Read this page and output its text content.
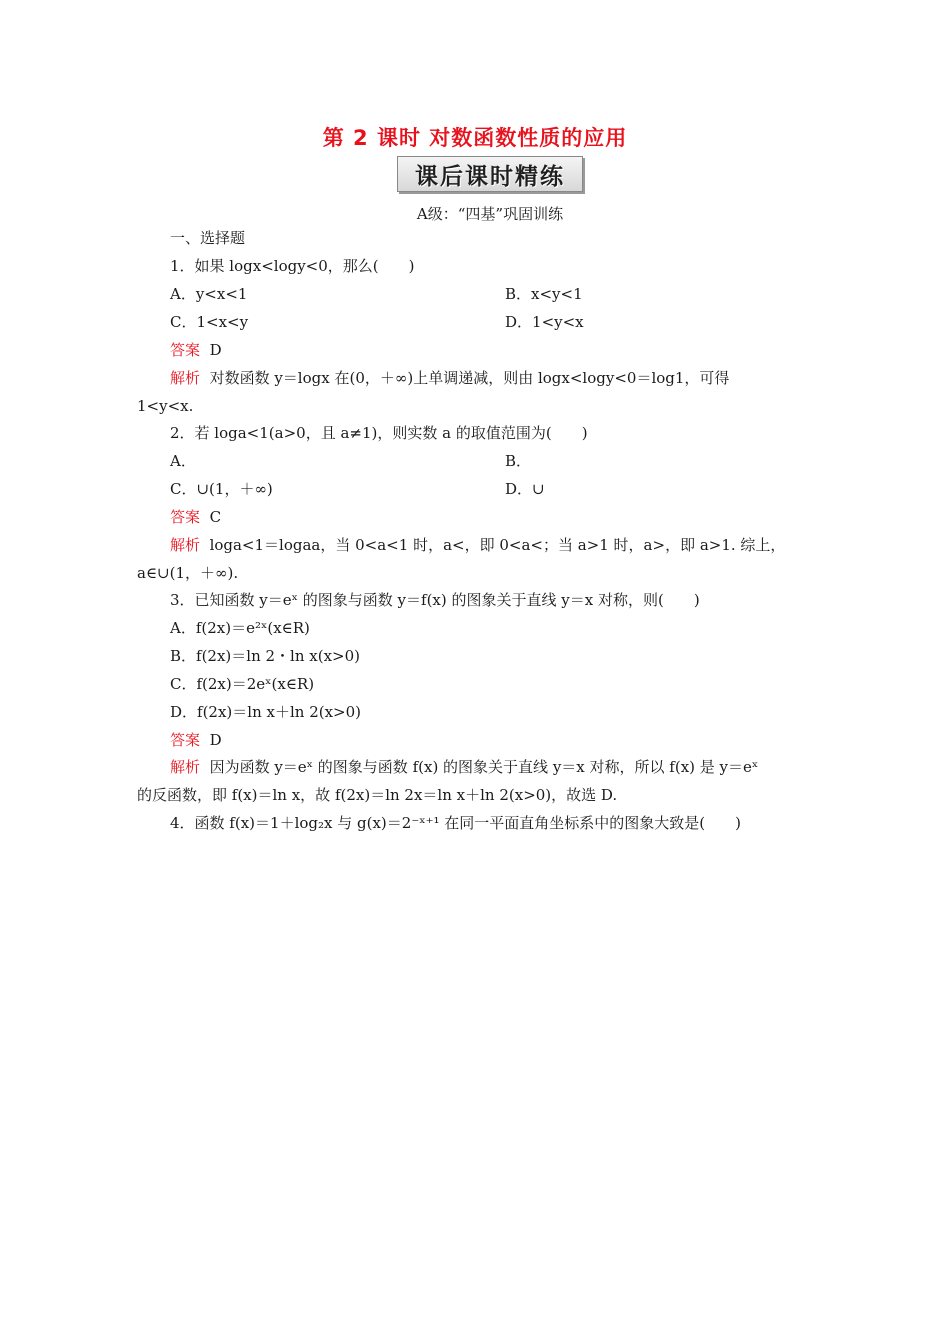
第 2 课时 对数函数性质的应用
课后课时精练
A级：“四基”巩固训练
一、选择题
1．如果 logx<logy<0，那么(　　)
A．y<x<1	B．x<y<1
C．1<x<y	D．1<y<x
答案 D
解析 对数函数 y＝logx 在(0，＋∞)上单调递减，则由 logx<logy<0＝log1，可得
1<y<x.
2．若 loga<1(a>0，且 a≠1)，则实数 a 的取值范围为(　　)
A．	B．
C．∪(1，＋∞)	D．∪
答案 C
解析 loga<1＝logaa，当 0<a<1 时，a<，即 0<a<；当 a>1 时，a>，即 a>1. 综上，
a∈∪(1，＋∞).
3．已知函数 y＝eˣ 的图象与函数 y＝f(x) 的图象关于直线 y＝x 对称，则(　　)
A．f(2x)＝e²ˣ(x∈R)
B．f(2x)＝ln 2・ln x(x>0)
C．f(2x)＝2eˣ(x∈R)
D．f(2x)＝ln x＋ln 2(x>0)
答案 D
解析 因为函数 y＝eˣ 的图象与函数 f(x) 的图象关于直线 y＝x 对称，所以 f(x) 是 y＝eˣ
的反函数，即 f(x)＝ln x，故 f(2x)＝ln 2x＝ln x＋ln 2(x>0)，故选 D.
4．函数 f(x)＝1＋log₂x 与 g(x)＝2⁻ˣ⁺¹ 在同一平面直角坐标系中的图象大致是(　　)
